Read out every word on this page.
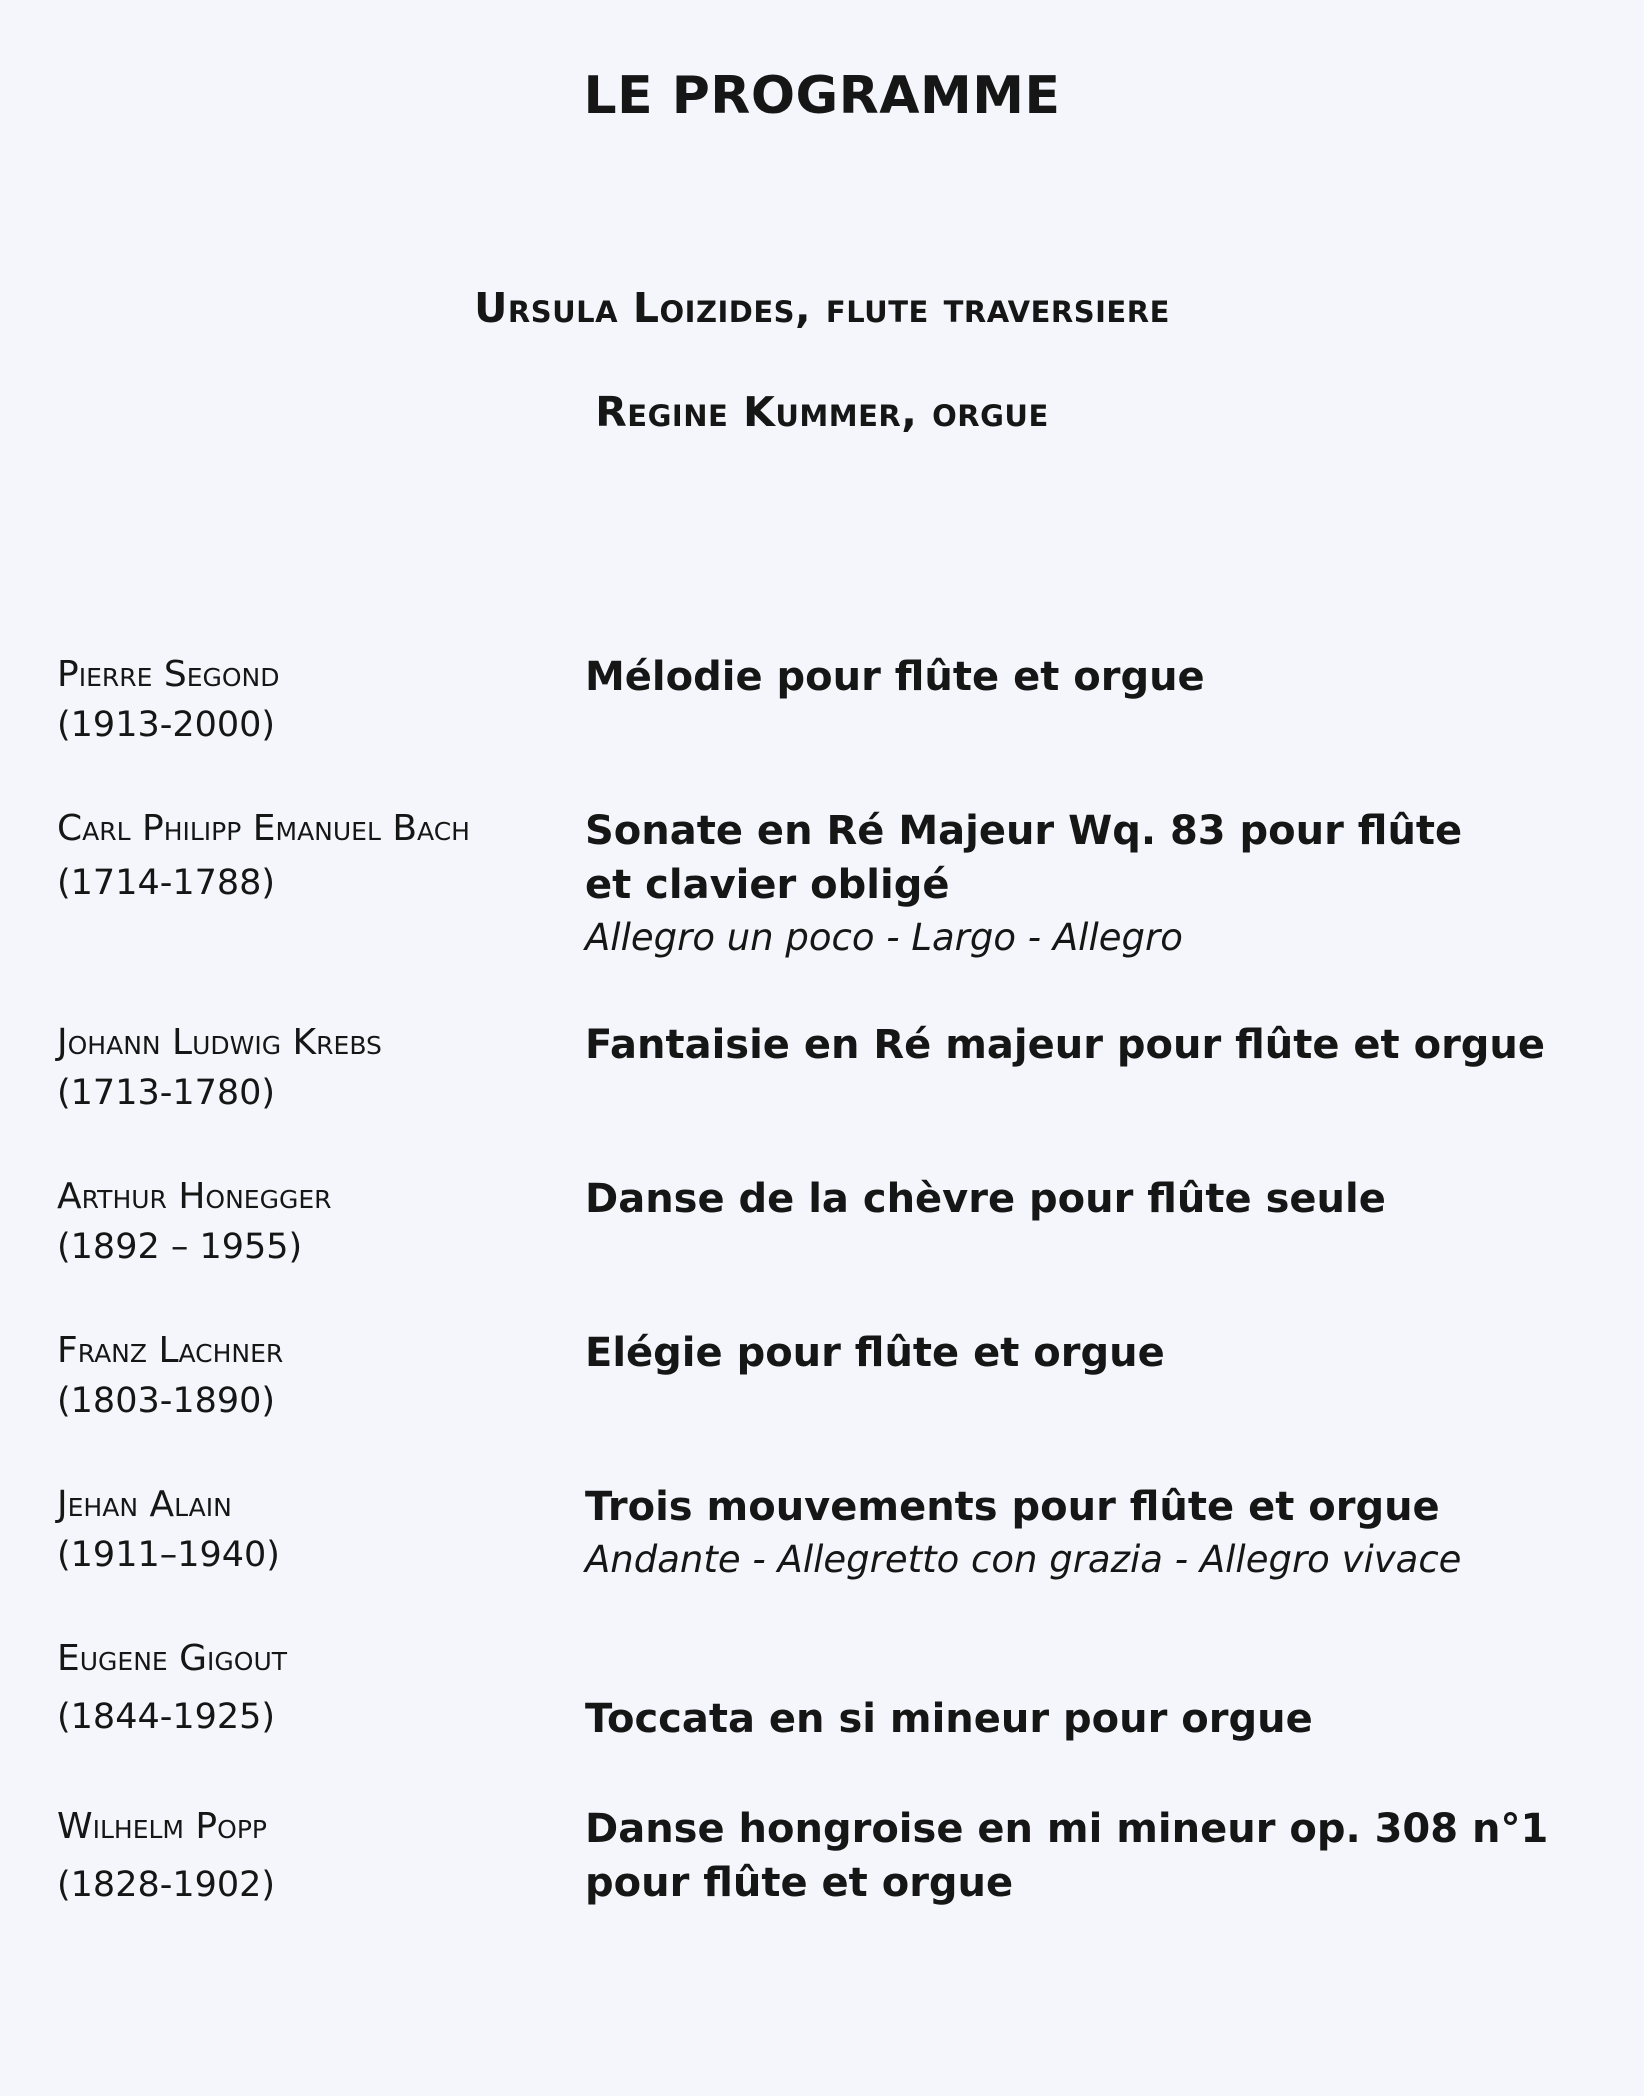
LE PROGRAMME

Ursula Loizides, flute traversiere

Regine Kummer, orgue

Pierre Segond
(1913-2000)
Mélodie pour flûte et orgue
Carl Philipp Emanuel Bach
(1714-1788)
Sonate en Ré Majeur Wq. 83 pour flûte et clavier obligé
Allegro un poco - Largo - Allegro
Johann Ludwig Krebs
(1713-1780)
Fantaisie en Ré majeur pour flûte et orgue
Arthur Honegger
(1892 – 1955)
Danse de la chèvre pour flûte seule
Franz Lachner
(1803-1890)
Elégie pour flûte et orgue
Jehan Alain
(1911–1940)
Trois mouvements pour flûte et orgue
Andante - Allegretto con grazia - Allegro vivace
Eugene Gigout
(1844-1925)	Toccata en si mineur pour orgue
Wilhelm Popp
(1828-1902)
Danse hongroise en mi mineur op. 308 n°1 pour flûte et orgue
